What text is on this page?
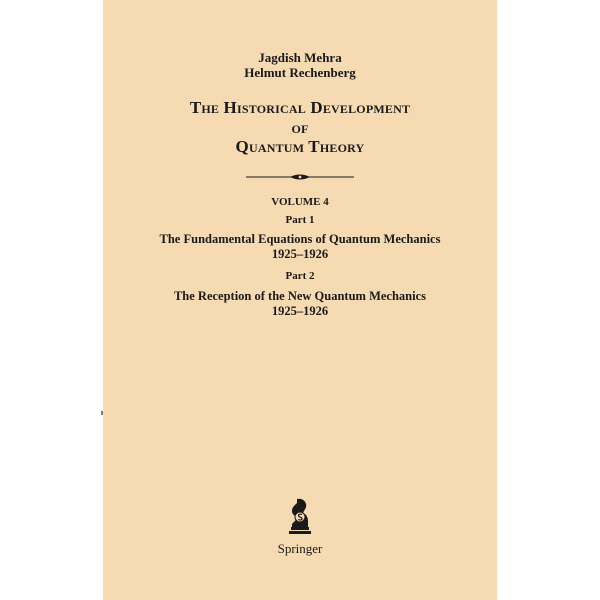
Jagdish Mehra
Helmut Rechenberg
The Historical Development
of
Quantum Theory
VOLUME 4
Part 1
The Fundamental Equations of Quantum Mechanics
1925–1926
Part 2
The Reception of the New Quantum Mechanics
1925–1926
Springer
